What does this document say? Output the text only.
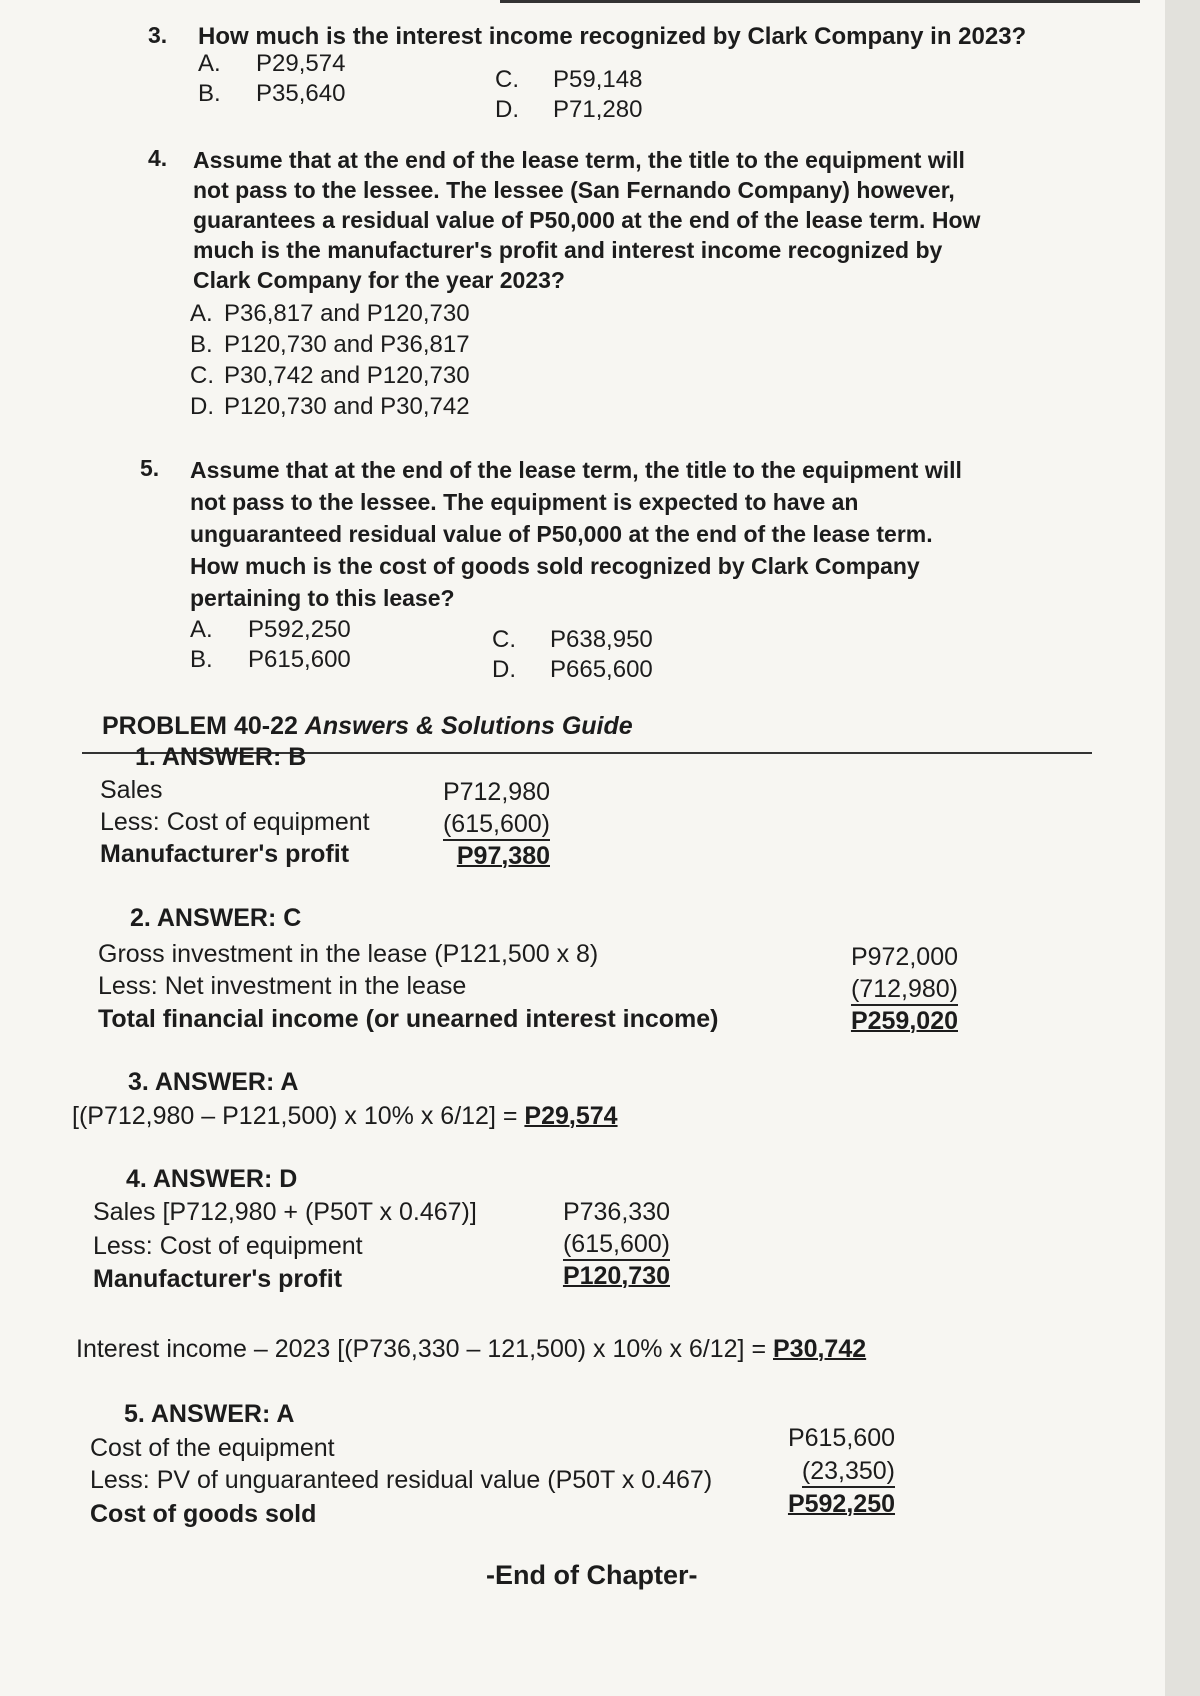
3. How much is the interest income recognized by Clark Company in 2023?
A. P29,574
B. P35,640
C. P59,148
D. P71,280
4. Assume that at the end of the lease term, the title to the equipment will
not pass to the lessee. The lessee (San Fernando Company) however,
guarantees a residual value of P50,000 at the end of the lease term. How
much is the manufacturer's profit and interest income recognized by
Clark Company for the year 2023?
A. P36,817 and P120,730
B. P120,730 and P36,817
C. P30,742 and P120,730
D. P120,730 and P30,742
5. Assume that at the end of the lease term, the title to the equipment will
not pass to the lessee. The equipment is expected to have an
unguaranteed residual value of P50,000 at the end of the lease term.
How much is the cost of goods sold recognized by Clark Company
pertaining to this lease?
A. P592,250
B. P615,600
C. P638,950
D. P665,600
PROBLEM 40-22 Answers & Solutions Guide
1. ANSWER: B
Sales
Less: Cost of equipment
Manufacturer's profit
P712,980
(615,600)
P97,380
2. ANSWER: C
Gross investment in the lease (P121,500 x 8)
Less: Net investment in the lease
Total financial income (or unearned interest income)
P972,000
(712,980)
P259,020
3. ANSWER: A
[(P712,980 – P121,500) x 10% x 6/12] = P29,574
4. ANSWER: D
Sales [P712,980 + (P50T x 0.467)]
Less: Cost of equipment
Manufacturer's profit
P736,330
(615,600)
P120,730
Interest income – 2023 [(P736,330 – 121,500) x 10% x 6/12] = P30,742
5. ANSWER: A
Cost of the equipment
Less: PV of unguaranteed residual value (P50T x 0.467)
Cost of goods sold
P615,600
(23,350)
P592,250
-End of Chapter-
